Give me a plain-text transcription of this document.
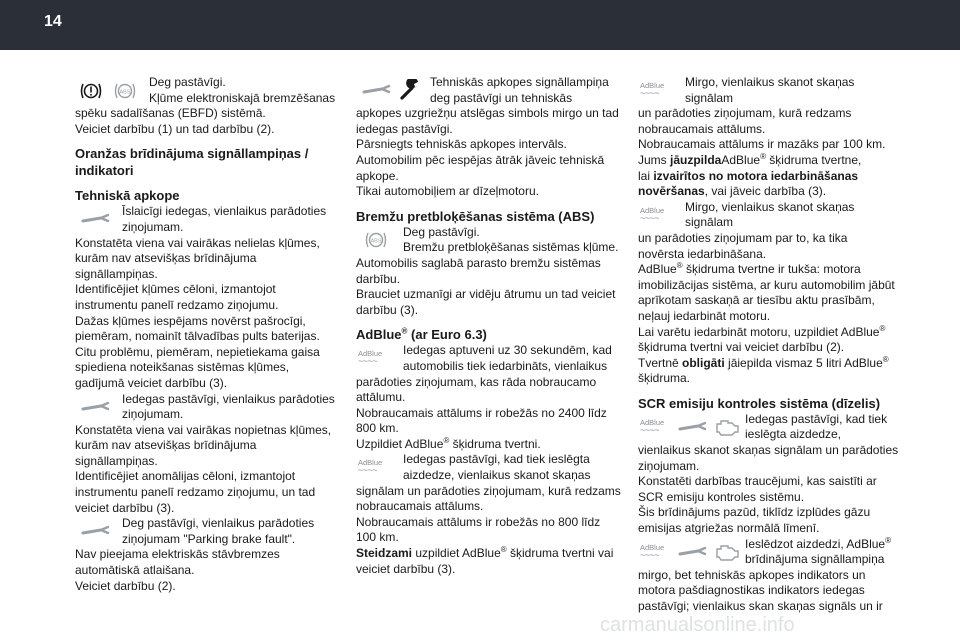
14
ABS

Deg pastāvīgi.

Kļūme elektroniskajā bremzēšanas

spēku sadalīšanas (EBFD) sistēmā.

Veiciet darbību (1) un tad darbību (2).

Oranžas brīdinājuma signāllampiņas / indikatori
Tehniskā apkope

Īslaicīgi iedegas, vienlaikus parādoties

ziņojumam.

Konstatēta viena vai vairākas nelielas kļūmes, kurām nav atsevišķas brīdinājuma signāllampiņas.
Identificējiet kļūmes cēloni, izmantojot instrumentu panelī redzamo ziņojumu.
Dažas kļūmes iespējams novērst pašrocīgi, piemēram, nomainīt tālvadības pults baterijas.
Citu problēmu, piemēram, nepietiekama gaisa spiediena noteikšanas sistēmas kļūmes, gadījumā veiciet darbību (3).

Iedegas pastāvīgi, vienlaikus parādoties

ziņojumam.

Konstatēta viena vai vairākas nopietnas kļūmes, kurām nav atsevišķas brīdinājuma signāllampiņas.
Identificējiet anomālijas cēloni, izmantojot instrumentu panelī redzamo ziņojumu, un tad veiciet darbību (3).

Deg pastāvīgi, vienlaikus parādoties

ziņojumam "Parking brake fault".

Nav pieejama elektriskās stāvbremzes automātiskā atlaišana.
Veiciet darbību (2).

Tehniskās apkopes signāllampiņa

deg pastāvīgi un tehniskās

apkopes uzgriežņu atslēgas simbols mirgo un tad iedegas pastāvīgi.
Pārsniegts tehniskās apkopes intervāls.
Automobilim pēc iespējas ātrāk jāveic tehniskā apkope.
Tikai automobiļiem ar dīzeļmotoru.

Bremžu pretbloķēšanas sistēma (ABS)
ABS

Deg pastāvīgi.

Bremžu pretbloķēšanas sistēmas kļūme.

Automobilis saglabā parasto bremžu sistēmas darbību.
Brauciet uzmanīgi ar vidēju ātrumu un tad veiciet darbību (3).

AdBlue® (ar Euro 6.3)
AdBlue
~~~~

Iedegas aptuveni uz 30 sekundēm, kad

automobilis tiek iedarbināts, vienlaikus

parādoties ziņojumam, kas rāda nobraucamo attālumu.
Nobraucamais attālums ir robežās no 2400 līdz 800 km.

Uzpildiet AdBlue® šķidruma tvertni.

AdBlue
~~~~

Iedegas pastāvīgi, kad tiek ieslēgta

aizdedze, vienlaikus skanot skaņas

signālam un parādoties ziņojumam, kurā redzams nobraucamais attālums.
Nobraucamais attālums ir robežās no 800 līdz 100 km.

Steidzami uzpildiet AdBlue® šķidruma tvertni vai veiciet darbību (3).

AdBlue
~~~~

Mirgo, vienlaikus skanot skaņas signālam

un parādoties ziņojumam, kurā redzams

nobraucamais attālums.
Nobraucamais attālums ir mazāks par 100 km.

Jums jāuzpildaAdBlue® šķidruma tvertne,

lai izvairītos no motora iedarbināšanas novēršanas, vai jāveic darbība (3).

AdBlue
~~~~

Mirgo, vienlaikus skanot skaņas signālam

un parādoties ziņojumam par to, ka tika

novērsta iedarbināšana.

AdBlue® šķidruma tvertne ir tukša: motora imobilizācijas sistēma, ar kuru automobilim jābūt aprīkotam saskaņā ar tiesību aktu prasībām, neļauj iedarbināt motoru.

Lai varētu iedarbināt motoru, uzpildiet AdBlue® šķidruma tvertni vai veiciet darbību (2).

Tvertnē obligāti jāiepilda vismaz 5 litri AdBlue® šķidruma.

SCR emisiju kontroles sistēma (dīzelis)
AdBlue
~~~~

Iedegas pastāvīgi, kad tiek

ieslēgta aizdedze,

vienlaikus skanot skaņas signālam un parādoties ziņojumam.
Konstatēti darbības traucējumi, kas saistīti ar SCR emisiju kontroles sistēmu.
Šis brīdinājums pazūd, tiklīdz izplūdes gāzu emisijas atgriežas normālā līmenī.

AdBlue
~~~~

Ieslēdzot aizdedzi, AdBlue®

brīdinājuma signāllampiņa

mirgo, bet tehniskās apkopes indikators un motora pašdiagnostikas indikators iedegas pastāvīgi; vienlaikus skan skaņas signāls un ir

carmanualsonline.info
